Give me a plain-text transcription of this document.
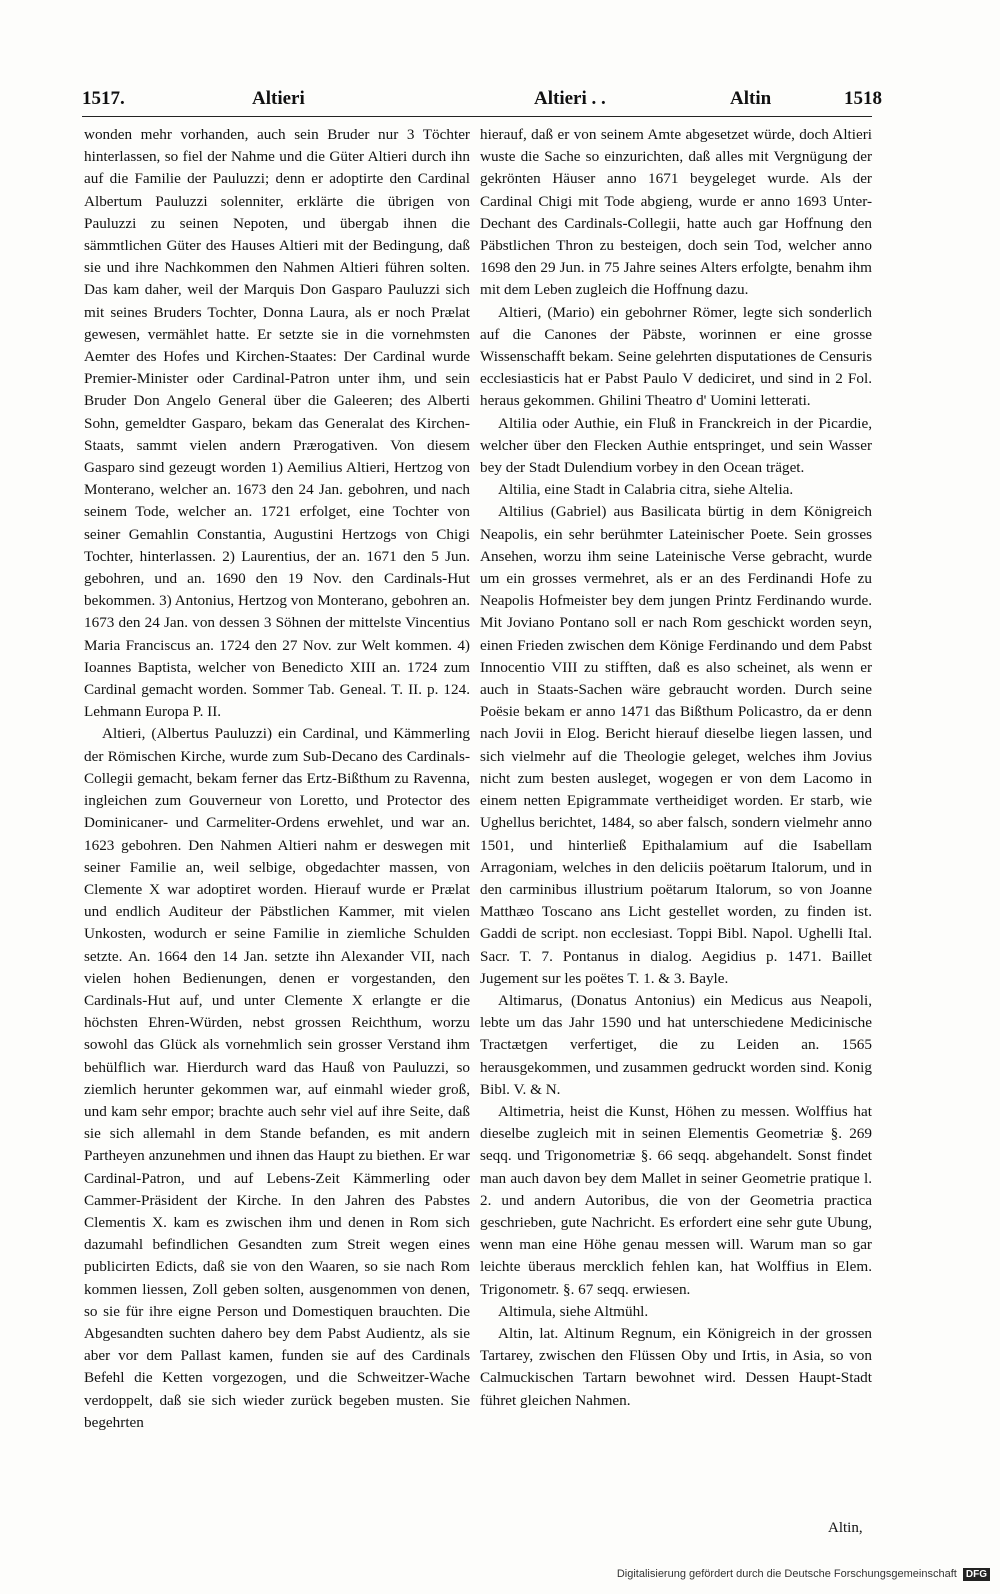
1517.	Altieri	Altieri . .	Altin	1518

wonden mehr vorhanden, auch sein Bruder nur 3 Töchter hinterlassen, so fiel der Nahme und die Güter Altieri durch ihn auf die Familie der Pauluzzi; denn er adoptirte den Cardinal Albertum Pauluzzi solenniter, erklärte die übrigen von Pauluzzi zu seinen Nepoten, und übergab ihnen die sämmtlichen Güter des Hauses Altieri mit der Bedingung, daß sie und ihre Nachkommen den Nahmen Altieri führen solten. Das kam daher, weil der Marquis Don Gasparo Pauluzzi sich mit seines Bruders Tochter, Donna Laura, als er noch Prælat gewesen, vermählet hatte. Er setzte sie in die vornehmsten Aemter des Hofes und Kirchen-Staates: Der Cardinal wurde Premier-Minister oder Cardinal-Patron unter ihm, und sein Bruder Don Angelo General über die Galeeren; des Alberti Sohn, gemeldter Gasparo, bekam das Generalat des Kirchen-Staats, sammt vielen andern Prærogativen. Von diesem Gasparo sind gezeugt worden 1) Aemilius Altieri, Hertzog von Monterano, welcher an. 1673 den 24 Jan. gebohren, und nach seinem Tode, welcher an. 1721 erfolget, eine Tochter von seiner Gemahlin Constantia, Augustini Hertzogs von Chigi Tochter, hinterlassen. 2) Laurentius, der an. 1671 den 5 Jun. gebohren, und an. 1690 den 19 Nov. den Cardinals-Hut bekommen. 3) Antonius, Hertzog von Monterano, gebohren an. 1673 den 24 Jan. von dessen 3 Söhnen der mittelste Vincentius Maria Franciscus an. 1724 den 27 Nov. zur Welt kommen. 4) Ioannes Baptista, welcher von Benedicto XIII an. 1724 zum Cardinal gemacht worden. Sommer Tab. Geneal. T. II. p. 124. Lehmann Europa P. II.

Altieri, (Albertus Pauluzzi) ein Cardinal, und Kämmerling der Römischen Kirche, wurde zum Sub-Decano des Cardinals-Collegii gemacht, bekam ferner das Ertz-Bißthum zu Ravenna, ingleichen zum Gouverneur von Loretto, und Protector des Dominicaner- und Carmeliter-Ordens erwehlet, und war an. 1623 gebohren. Den Nahmen Altieri nahm er deswegen mit seiner Familie an, weil selbige, obgedachter massen, von Clemente X war adoptiret worden. Hierauf wurde er Prælat und endlich Auditeur der Päbstlichen Kammer, mit vielen Unkosten, wodurch er seine Familie in ziemliche Schulden setzte. An. 1664 den 14 Jan. setzte ihn Alexander VII, nach vielen hohen Bedienungen, denen er vorgestanden, den Cardinals-Hut auf, und unter Clemente X erlangte er die höchsten Ehren-Würden, nebst grossen Reichthum, worzu sowohl das Glück als vornehmlich sein grosser Verstand ihm behülflich war. Hierdurch ward das Hauß von Pauluzzi, so ziemlich herunter gekommen war, auf einmahl wieder groß, und kam sehr empor; brachte auch sehr viel auf ihre Seite, daß sie sich allemahl in dem Stande befanden, es mit andern Partheyen anzunehmen und ihnen das Haupt zu biethen. Er war Cardinal-Patron, und auf Lebens-Zeit Kämmerling oder Cammer-Präsident der Kirche. In den Jahren des Pabstes Clementis X. kam es zwischen ihm und denen in Rom sich dazumahl befindlichen Gesandten zum Streit wegen eines publicirten Edicts, daß sie von den Waaren, so sie nach Rom kommen liessen, Zoll geben solten, ausgenommen von denen, so sie für ihre eigne Person und Domestiquen brauchten. Die Abgesandten suchten dahero bey dem Pabst Audientz, als sie aber vor dem Pallast kamen, funden sie auf des Cardinals Befehl die Ketten vorgezogen, und die Schweitzer-Wache verdoppelt, daß sie sich wieder zurück begeben musten. Sie begehrten

hierauf, daß er von seinem Amte abgesetzet würde, doch Altieri wuste die Sache so einzurichten, daß alles mit Vergnügung der gekrönten Häuser anno 1671 beygeleget wurde. Als der Cardinal Chigi mit Tode abgieng, wurde er anno 1693 Unter-Dechant des Cardinals-Collegii, hatte auch gar Hoffnung den Päbstlichen Thron zu besteigen, doch sein Tod, welcher anno 1698 den 29 Jun. in 75 Jahre seines Alters erfolgte, benahm ihm mit dem Leben zugleich die Hoffnung dazu.

Altieri, (Mario) ein gebohrner Römer, legte sich sonderlich auf die Canones der Päbste, worinnen er eine grosse Wissenschafft bekam. Seine gelehrten disputationes de Censuris ecclesiasticis hat er Pabst Paulo V dediciret, und sind in 2 Fol. heraus gekommen. Ghilini Theatro d' Uomini letterati.

Altilia oder Authie, ein Fluß in Franckreich in der Picardie, welcher über den Flecken Authie entspringet, und sein Wasser bey der Stadt Dulendium vorbey in den Ocean träget.

Altilia, eine Stadt in Calabria citra, siehe Altelia.

Altilius (Gabriel) aus Basilicata bürtig in dem Königreich Neapolis, ein sehr berühmter Lateinischer Poete. Sein grosses Ansehen, worzu ihm seine Lateinische Verse gebracht, wurde um ein grosses vermehret, als er an des Ferdinandi Hofe zu Neapolis Hofmeister bey dem jungen Printz Ferdinando wurde. Mit Joviano Pontano soll er nach Rom geschickt worden seyn, einen Frieden zwischen dem Könige Ferdinando und dem Pabst Innocentio VIII zu stifften, daß es also scheinet, als wenn er auch in Staats-Sachen wäre gebraucht worden. Durch seine Poësie bekam er anno 1471 das Bißthum Policastro, da er denn nach Jovii in Elog. Bericht hierauf dieselbe liegen lassen, und sich vielmehr auf die Theologie geleget, welches ihm Jovius nicht zum besten ausleget, wogegen er von dem Lacomo in einem netten Epigrammate vertheidiget worden. Er starb, wie Ughellus berichtet, 1484, so aber falsch, sondern vielmehr anno 1501, und hinterließ Epithalamium auf die Isabellam Arragoniam, welches in den deliciis poëtarum Italorum, und in den carminibus illustrium poëtarum Italorum, so von Joanne Matthæo Toscano ans Licht gestellet worden, zu finden ist. Gaddi de script. non ecclesiast. Toppi Bibl. Napol. Ughelli Ital. Sacr. T. 7. Pontanus in dialog. Aegidius p. 1471. Baillet Jugement sur les poëtes T. 1. & 3. Bayle.

Altimarus, (Donatus Antonius) ein Medicus aus Neapoli, lebte um das Jahr 1590 und hat unterschiedene Medicinische Tractætgen verfertiget, die zu Leiden an. 1565 herausgekommen, und zusammen gedruckt worden sind. Konig Bibl. V. & N.

Altimetria, heist die Kunst, Höhen zu messen. Wolffius hat dieselbe zugleich mit in seinen Elementis Geometriæ §. 269 seqq. und Trigonometriæ §. 66 seqq. abgehandelt. Sonst findet man auch davon bey dem Mallet in seiner Geometrie pratique l. 2. und andern Autoribus, die von der Geometria practica geschrieben, gute Nachricht. Es erfordert eine sehr gute Ubung, wenn man eine Höhe genau messen will. Warum man so gar leichte überaus mercklich fehlen kan, hat Wolffius in Elem. Trigonometr. §. 67 seqq. erwiesen.

Altimula, siehe Altmühl.

Altin, lat. Altinum Regnum, ein Königreich in der grossen Tartarey, zwischen den Flüssen Oby und Irtis, in Asia, so von Calmuckischen Tartarn bewohnet wird. Dessen Haupt-Stadt führet gleichen Nahmen.

Altin,
Digitalisierung gefördert durch die Deutsche Forschungsgemeinschaft DFG
